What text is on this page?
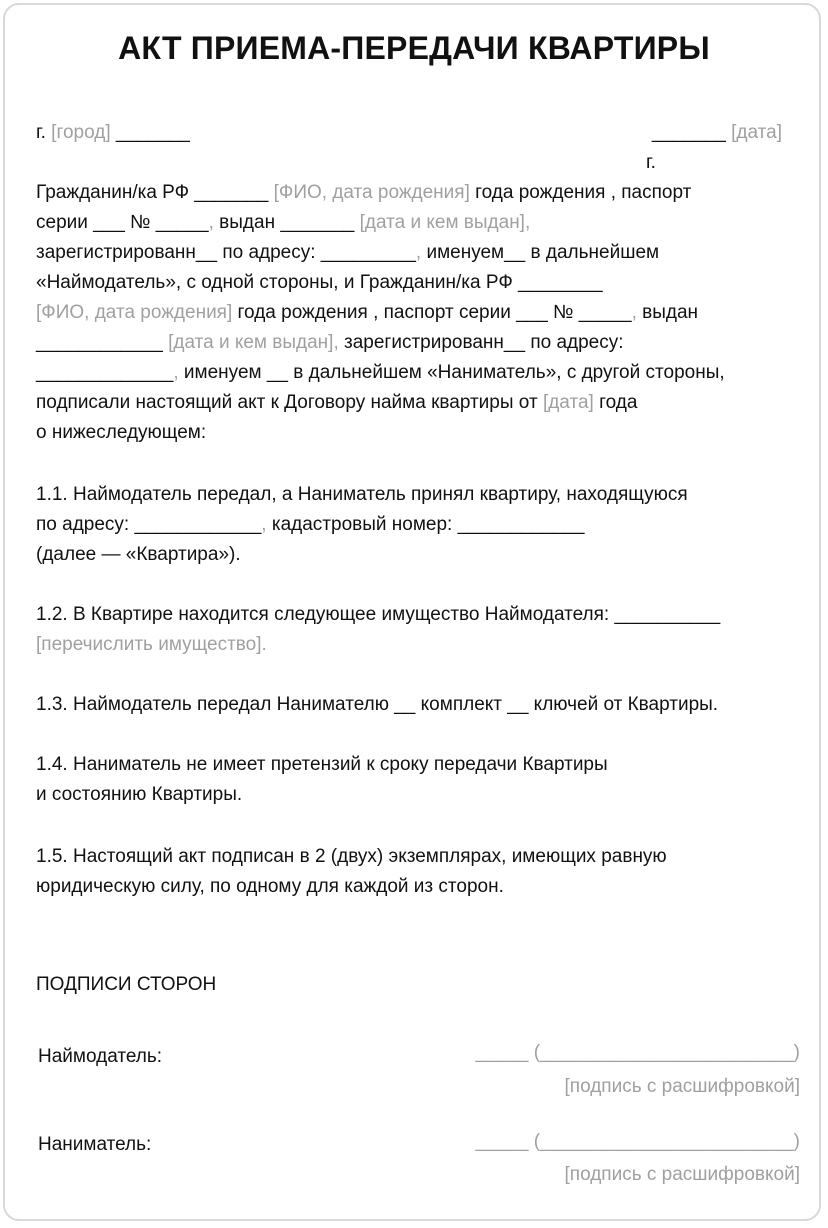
АКТ ПРИЕМА-ПЕРЕДАЧИ КВАРТИРЫ

г. [город] _______	_______ [дата]

г.

Гражданин/ка РФ _______ [ФИО, дата рождения] года рождения , паспорт

серии ___ № _____, выдан _______ [дата и кем выдан],

зарегистрированн__ по адресу: _________, именуем__ в дальнейшем

«Наймодатель», с одной стороны, и Гражданин/ка РФ ________

[ФИО, дата рождения] года рождения , паспорт серии ___ № _____, выдан

____________ [дата и кем выдан], зарегистрированн__ по адресу:

_____________, именуем __ в дальнейшем «Наниматель», с другой стороны,

подписали настоящий акт к Договору найма квартиры от [дата] года

о нижеследующем:

1.1. Наймодатель передал, а Наниматель принял квартиру, находящуюся

по адресу: ____________, кадастровый номер: ____________

(далее — «Квартира»).

1.2. В Квартире находится следующее имущество Наймодателя: __________

[перечислить имущество].

1.3. Наймодатель передал Нанимателю __ комплект __ ключей от Квартиры.

1.4. Наниматель не имеет претензий к сроку передачи Квартиры

и состоянию Квартиры.

1.5. Настоящий акт подписан в 2 (двух) экземплярах, имеющих равную

юридическую силу, по одному для каждой из сторон.

ПОДПИСИ СТОРОН

Наймодатель:	_____ (________________________)

[подпись с расшифровкой]

Наниматель:	_____ (________________________)

[подпись с расшифровкой]
